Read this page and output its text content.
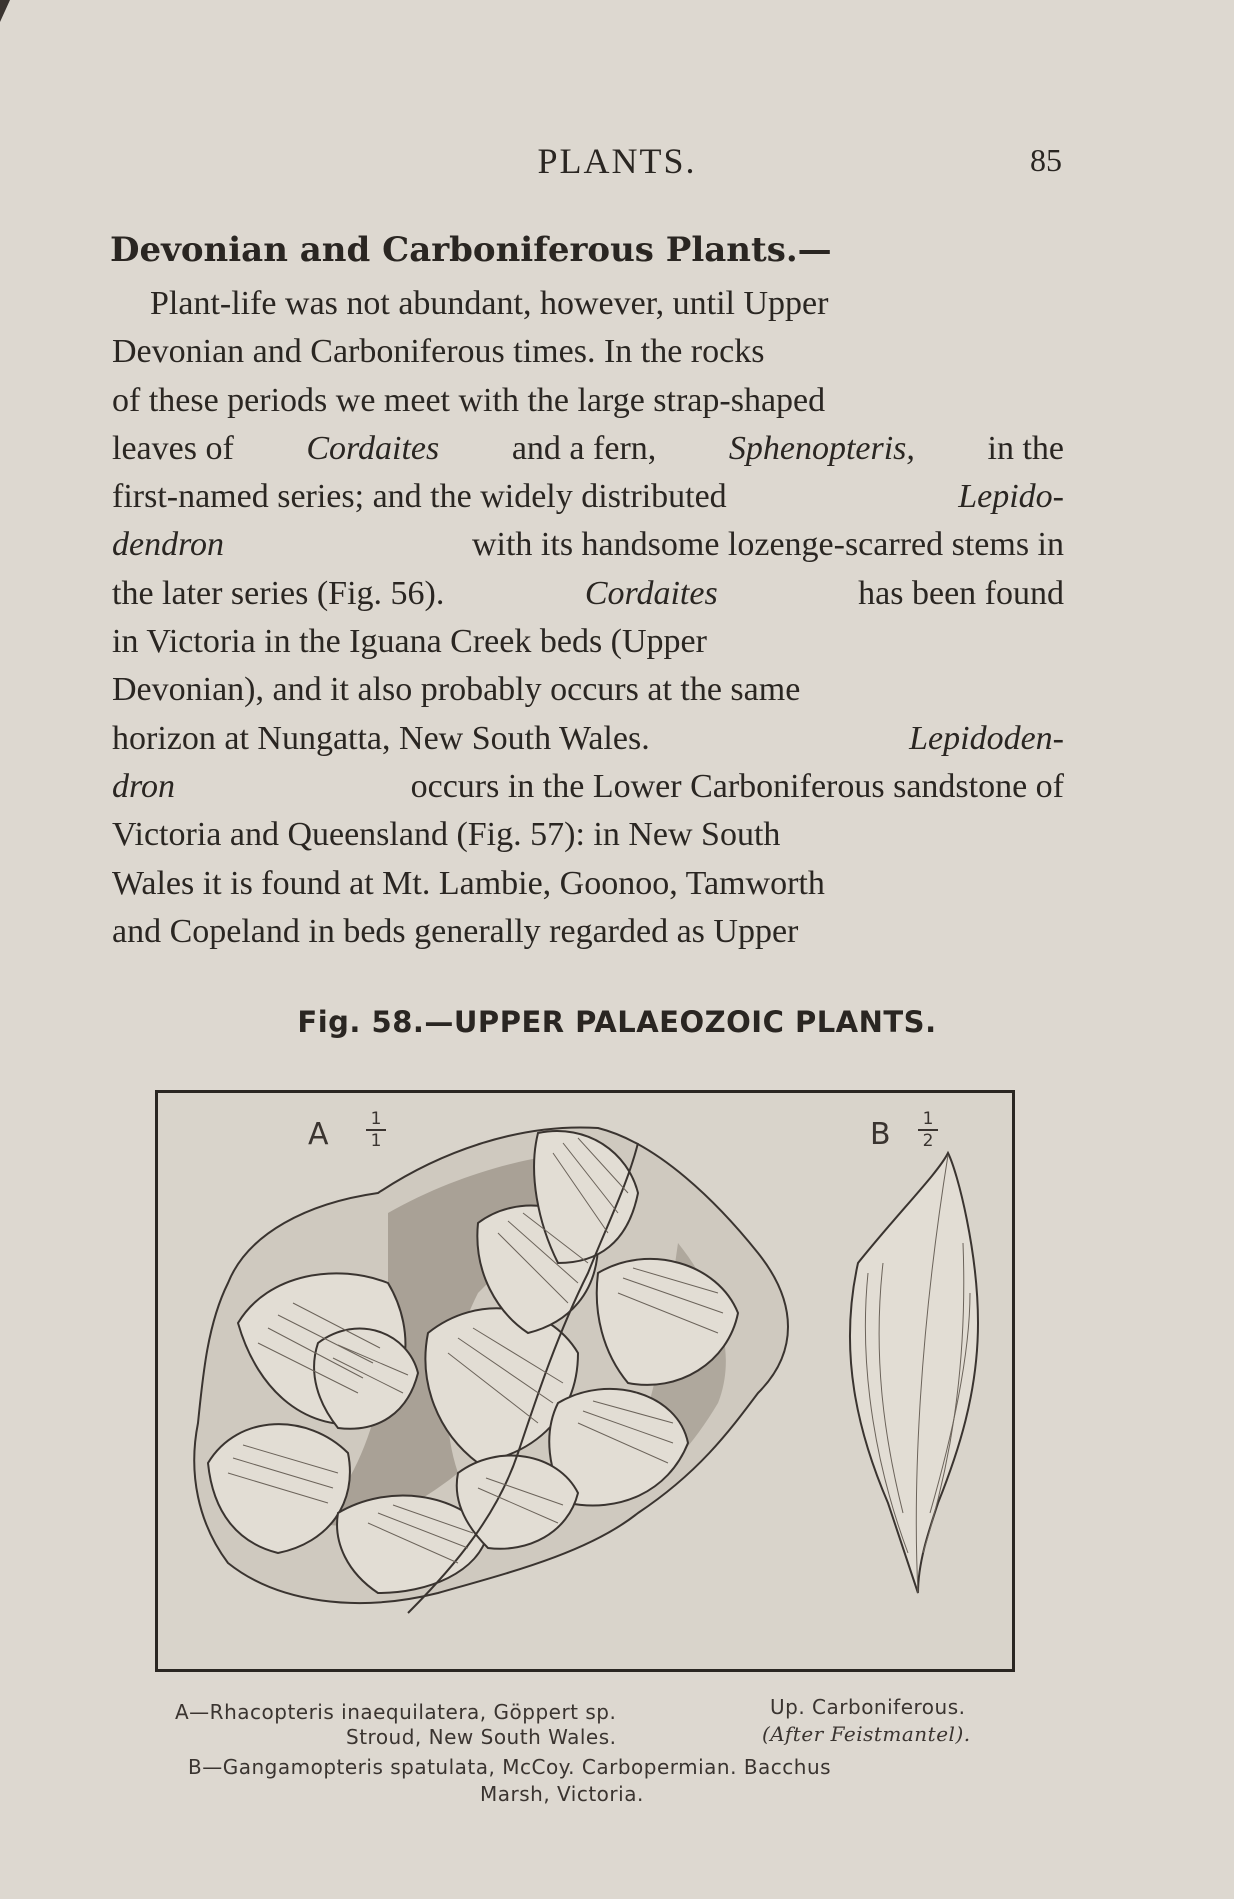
PLANTS.	85
Devonian and Carboniferous Plants.—
Plant-life was not abundant, however, until Upper
Devonian and Carboniferous times. In the rocks
of these periods we meet with the large strap-shaped
leaves of Cordaites and a fern, Sphenopteris, in the
first-named series; and the widely distributed	Lepido-
dendron	with its handsome lozenge-scarred stems in
the later series (Fig. 56).	Cordaites	has been found
in Victoria in the Iguana Creek beds (Upper
Devonian), and it also probably occurs at the same
horizon at Nungatta, New South Wales.	Lepidoden-
dron	occurs in the Lower Carboniferous sandstone of
Victoria and Queensland (Fig. 57): in New South
Wales it is found at Mt. Lambie, Goonoo, Tamworth
and Copeland in beds generally regarded as Upper
Fig. 58.—UPPER PALAEOZOIC PLANTS.
A $\frac{1}{1}$	B $\frac{1}{2}$
A—Rhacopteris inaequilatera, Göppert sp.	Up. Carboniferous.
Stroud, New South Wales.	(After Feistmantel).
B—Gangamopteris spatulata, McCoy. Carbopermian. Bacchus
Marsh, Victoria.
